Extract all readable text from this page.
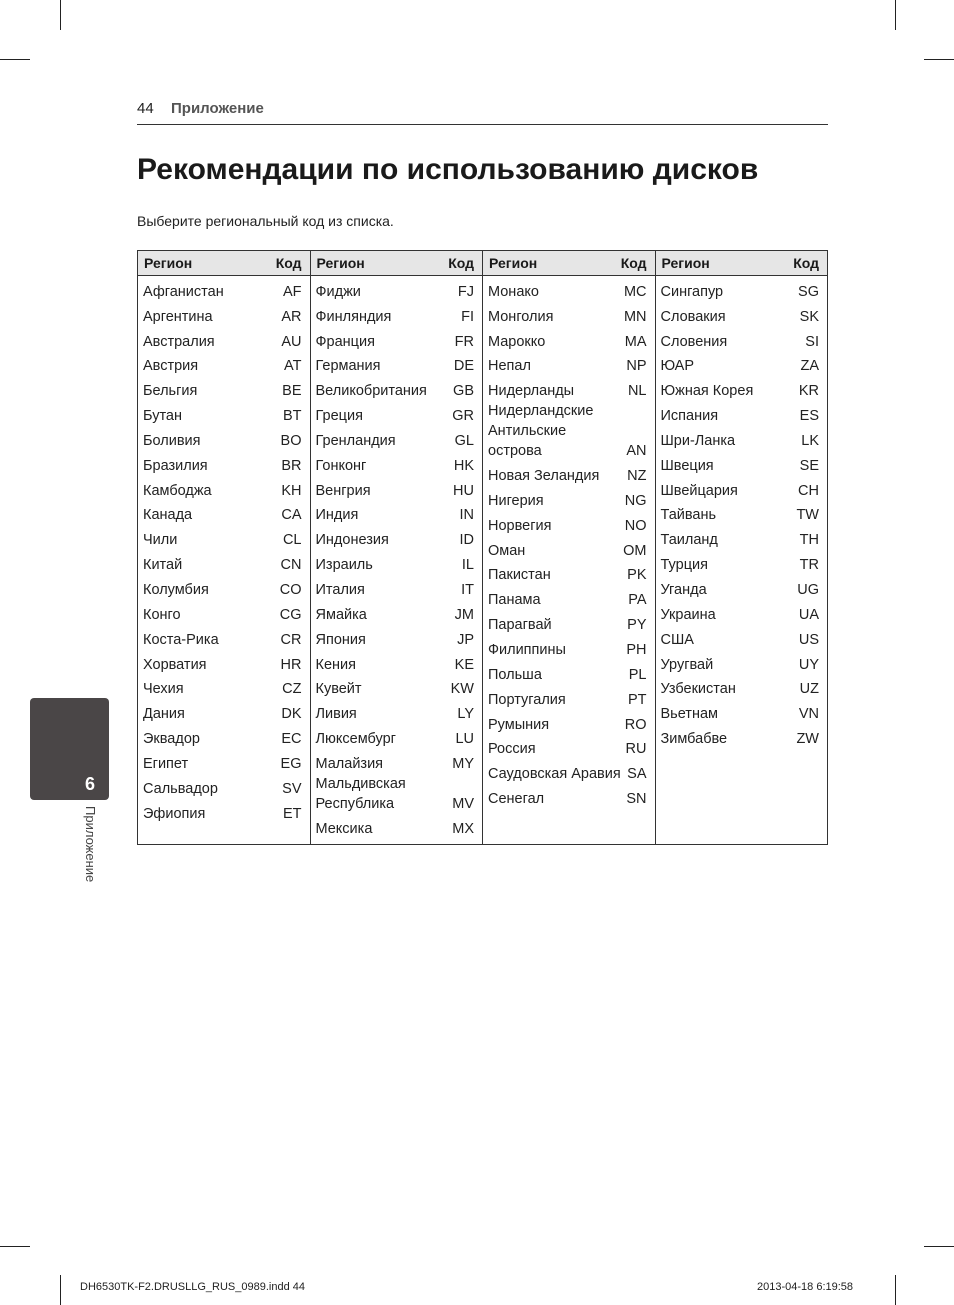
44 Приложение
Рекомендации по использованию дисков
Выберите региональный код из списка.
Регион	Код
Афганистан	AF
Аргентина	AR
Австралия	AU
Австрия	AT
Бельгия	BE
Бутан	BT
Боливия	BO
Бразилия	BR
Камбоджа	KH
Канада	CA
Чили	CL
Китай	CN
Колумбия	CO
Конго	CG
Коста-Рика	CR
Хорватия	HR
Чехия	CZ
Дания	DK
Эквадор	EC
Египет	EG
Сальвадор	SV
Эфиопия	ET
Регион	Код
Фиджи	FJ
Финляндия	FI
Франция	FR
Германия	DE
Великобритания	GB
Греция	GR
Гренландия	GL
Гонконг	HK
Венгрия	HU
Индия	IN
Индонезия	ID
Израиль	IL
Италия	IT
Ямайка	JM
Япония	JP
Кения	KE
Кувейт	KW
Ливия	LY
Люксембург	LU
Малайзия	MY
Мальдивская
Республика	MV
Мексика	MX
Регион	Код
Монако	MC
Монголия	MN
Марокко	MA
Непал	NP
Нидерланды	NL
Нидерландские
Антильские острова	AN
Новая Зеландия	NZ
Нигерия	NG
Норвегия	NO
Оман	OM
Пакистан	PK
Панама	PA
Парагвай	PY
Филиппины	PH
Польша	PL
Португалия	PT
Румыния	RO
Россия	RU
Саудовская Аравия SA
Сенегал	SN
Регион	Код
Сингапур	SG
Словакия	SK
Словения	SI
ЮАР	ZA
Южная Корея	KR
Испания	ES
Шри-Ланка	LK
Швеция	SE
Швейцария	CH
Тайвань	TW
Таиланд	TH
Турция	TR
Уганда	UG
Украина	UA
США	US
Уругвай	UY
Узбекистан	UZ
Вьетнам	VN
Зимбабве	ZW
6
Приложение
DH6530TK-F2.DRUSLLG_RUS_0989.indd 44	2013-04-18 6:19:58
